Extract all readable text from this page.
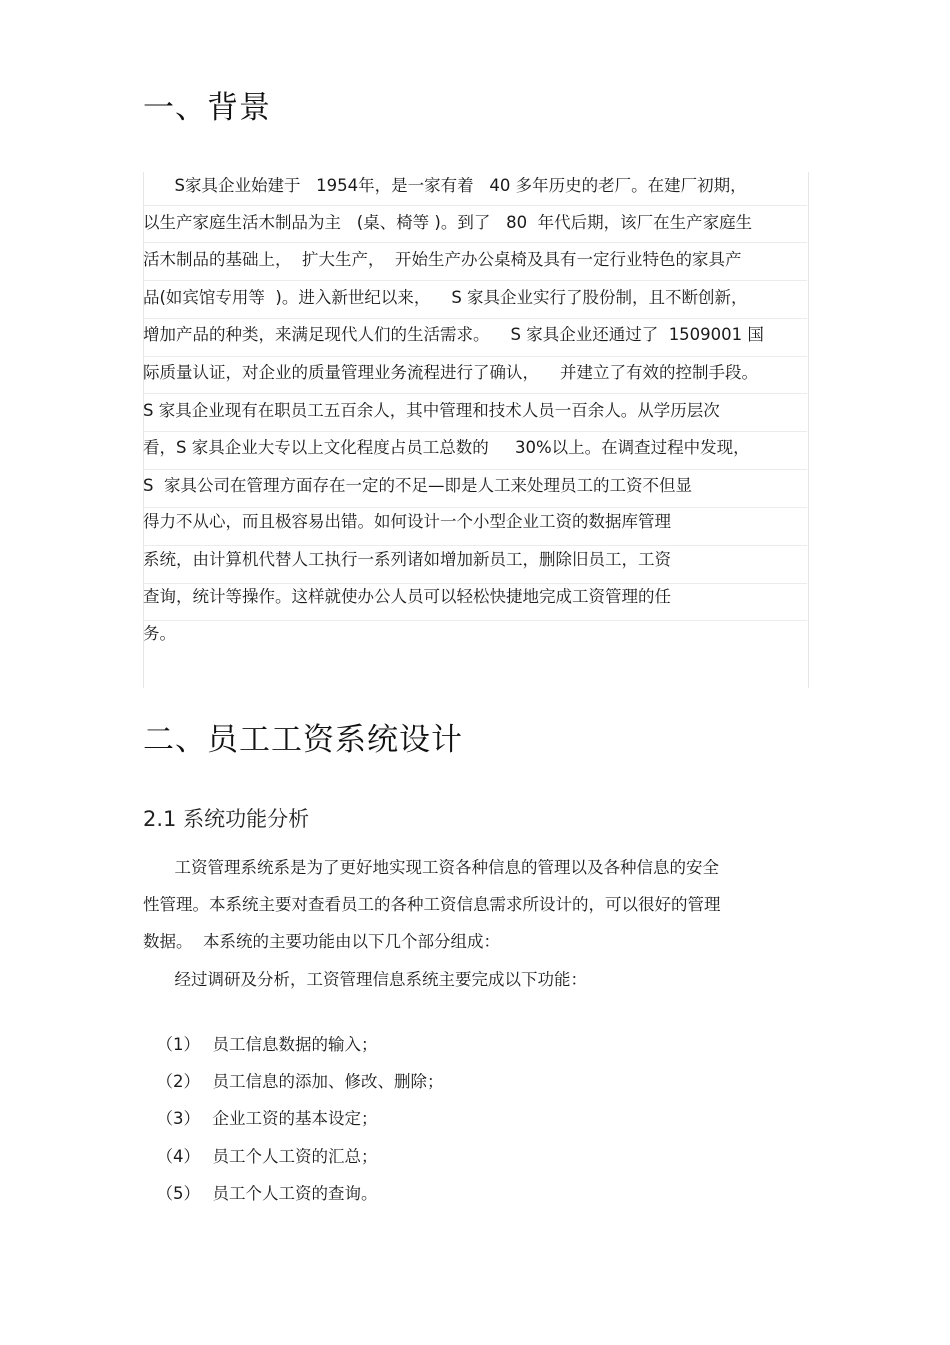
一、背景
S家具企业始建于   1954年，是一家有着   40 多年历史的老厂。在建厂初期，
以生产家庭生活木制品为主   (桌、椅等 )。到了   80  年代后期，该厂在生产家庭生
活木制品的基础上，  扩大生产，  开始生产办公桌椅及具有一定行业特色的家具产
品(如宾馆专用等  )。进入新世纪以来，    S 家具企业实行了股份制，且不断创新，
增加产品的种类，来满足现代人们的生活需求。    S 家具企业还通过了  1509001 国
际质量认证，对企业的质量管理业务流程进行了确认，    并建立了有效的控制手段。
S 家具企业现有在职员工五百余人，其中管理和技术人员一百余人。从学历层次
看，S 家具企业大专以上文化程度占员工总数的     30%以上。在调查过程中发现，
S  家具公司在管理方面存在一定的不足—即是人工来处理员工的工资不但显
得力不从心，而且极容易出错。如何设计一个小型企业工资的数据库管理
系统，由计算机代替人工执行一系列诸如增加新员工，删除旧员工，工资
查询，统计等操作。这样就使办公人员可以轻松快捷地完成工资管理的任
务。
二、员工工资系统设计
2.1 系统功能分析
工资管理系统系是为了更好地实现工资各种信息的管理以及各种信息的安全
性管理。本系统主要对查看员工的各种工资信息需求所设计的，可以很好的管理
数据。  本系统的主要功能由以下几个部分组成：
经过调研及分析，工资管理信息系统主要完成以下功能：

（1） 员工信息数据的输入；

（2） 员工信息的添加、修改、删除；

（3） 企业工资的基本设定；

（4） 员工个人工资的汇总；

（5） 员工个人工资的查询。
